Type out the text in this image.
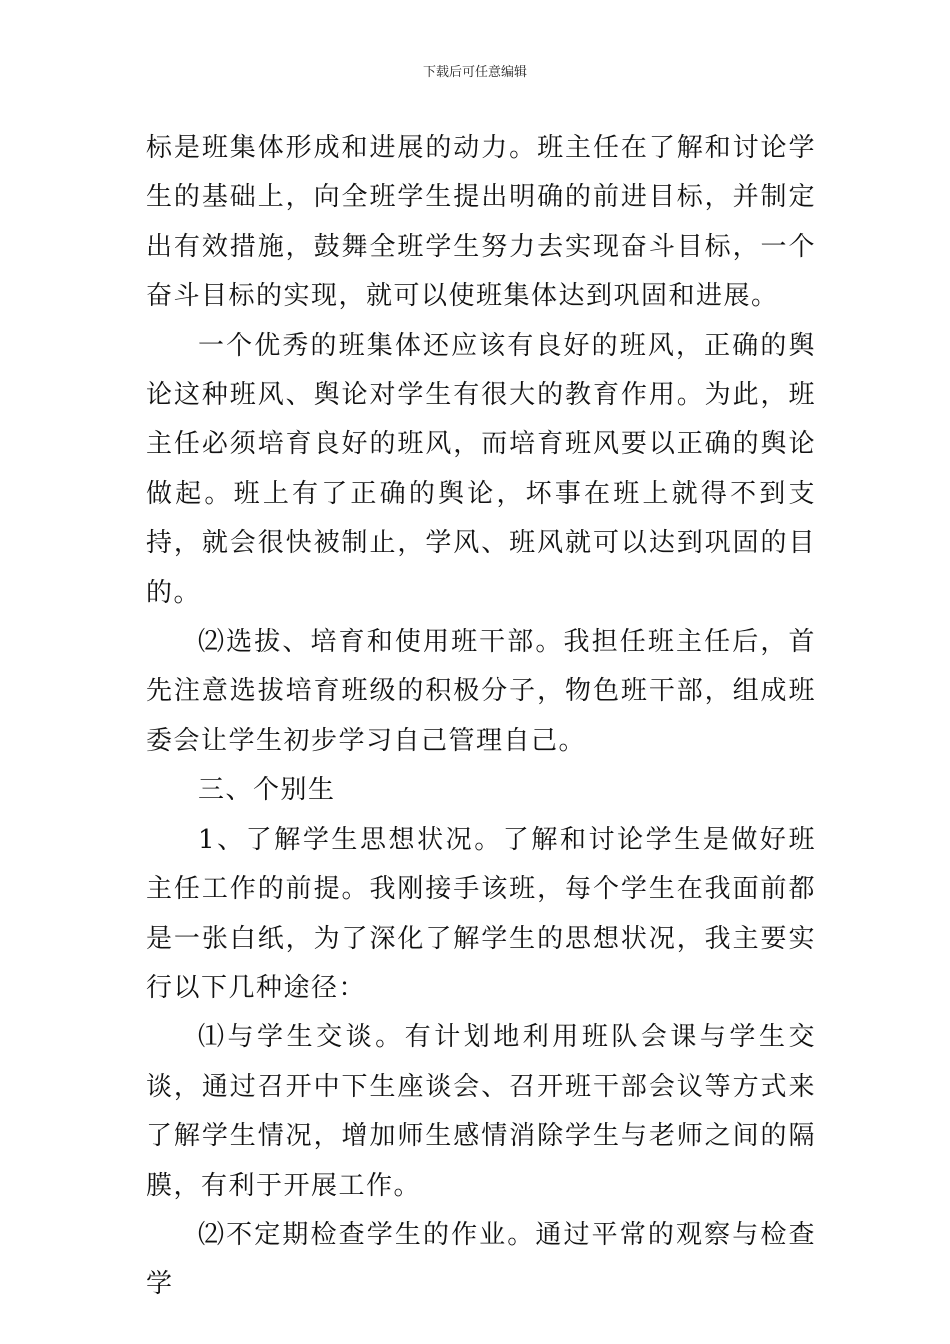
下载后可任意编辑

标是班集体形成和进展的动力。班主任在了解和讨论学生的基础上，向全班学生提出明确的前进目标，并制定出有效措施，鼓舞全班学生努力去实现奋斗目标，一个奋斗目标的实现，就可以使班集体达到巩固和进展。

一个优秀的班集体还应该有良好的班风，正确的舆论这种班风、舆论对学生有很大的教育作用。为此，班主任必须培育良好的班风，而培育班风要以正确的舆论做起。班上有了正确的舆论，坏事在班上就得不到支持，就会很快被制止，学风、班风就可以达到巩固的目的。

⑵选拔、培育和使用班干部。我担任班主任后，首先注意选拔培育班级的积极分子，物色班干部，组成班委会让学生初步学习自己管理自己。

三、个别生

1、了解学生思想状况。了解和讨论学生是做好班主任工作的前提。我刚接手该班，每个学生在我面前都是一张白纸，为了深化了解学生的思想状况，我主要实行以下几种途径：

⑴与学生交谈。有计划地利用班队会课与学生交谈，通过召开中下生座谈会、召开班干部会议等方式来了解学生情况，增加师生感情消除学生与老师之间的隔膜，有利于开展工作。

⑵不定期检查学生的作业。通过平常的观察与检查学
